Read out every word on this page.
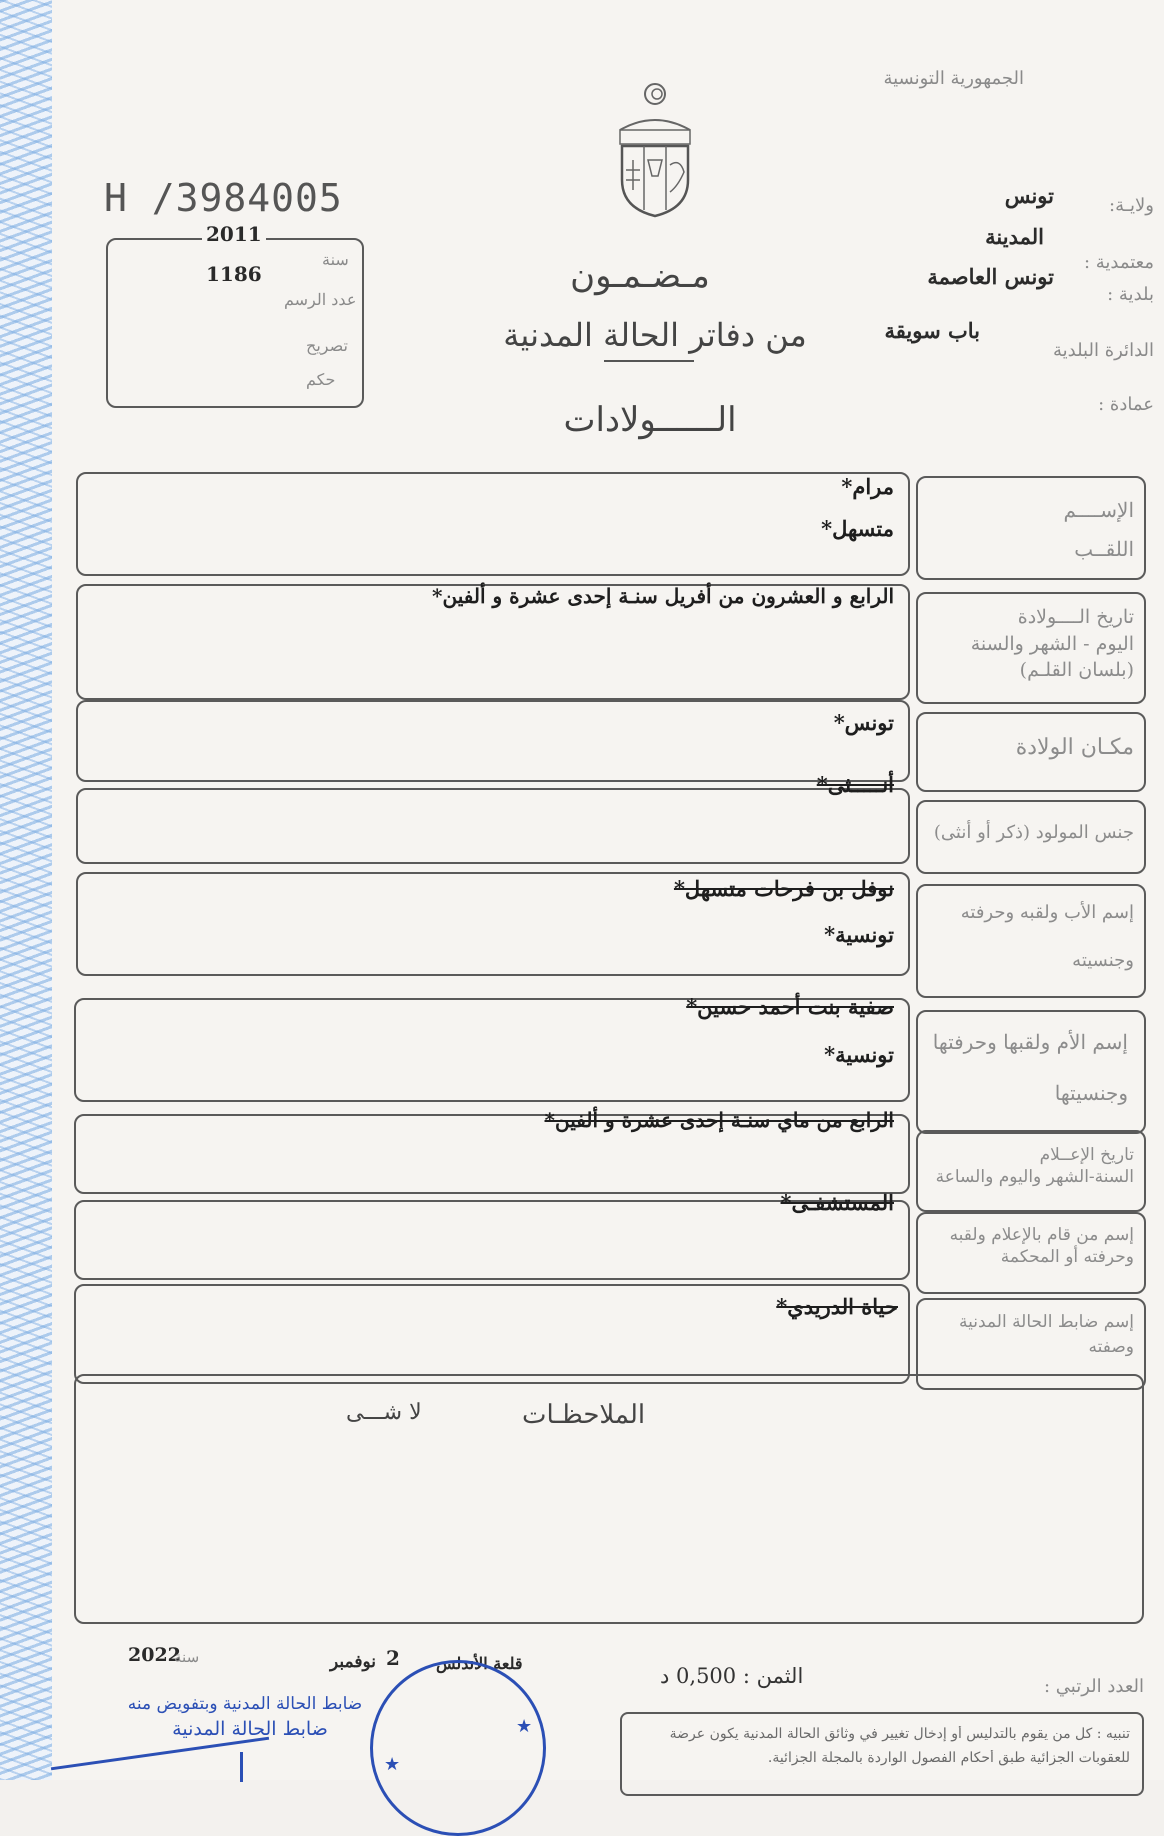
الجمهورية التونسية
ولايـة:
تونس
معتمدية :
المدينة
بلدية :
تونس العاصمة
الدائرة البلدية
باب سويقة
عمادة :
H /3984005
2011
سنة
1186
عدد الرسم
تصريح
حكم
مـضـمـون
من دفاتر الحالة المدنية
الــــــولادات
الإســــم
اللقــب
مرام*
متسهل*
تاريخ الــــولادة
اليوم - الشهر والسنة
(بلسان القلـم)
الرابع و العشرون من أفريل سنـة إحدى عشرة و ألفين*
مكـان الولادة
تونس*
جنس المولود (ذكر أو أنثى)
أنـــــثى*
إسم الأب ولقبه وحرفته
وجنسيته
نوفل بن فرحات متسهل*
تونسية*
إسم الأم ولقبها وحرفتها
وجنسيتها
صفية بنت أحمد حسين*
تونسية*
تاريخ الإعــلام
السنة-الشهر واليوم والساعة
الرابع من ماي سنـة إحدى عشرة و ألفين*
إسم من قام بالإعلام ولقبه
وحرفته أو المحكمة
المستشفـى*
إسم ضابط الحالة المدنية
وصفته
حياة الدريدي*
الملاحظـات
لا شـــى
2022
سنة	نوفمبر 2 قلعة الأندلس
ضابط الحالة المدنية وبتفويض منه
ضابط الحالة المدنية	★
★
الثمن : 0,500 د	العدد الرتبي :
تنبيه : كل من يقوم بالتدليس أو إدخال تغيير في وثائق الحالة المدنية يكون عرضة
للعقوبات الجزائية طبق أحكام الفصول الواردة بالمجلة الجزائية.
